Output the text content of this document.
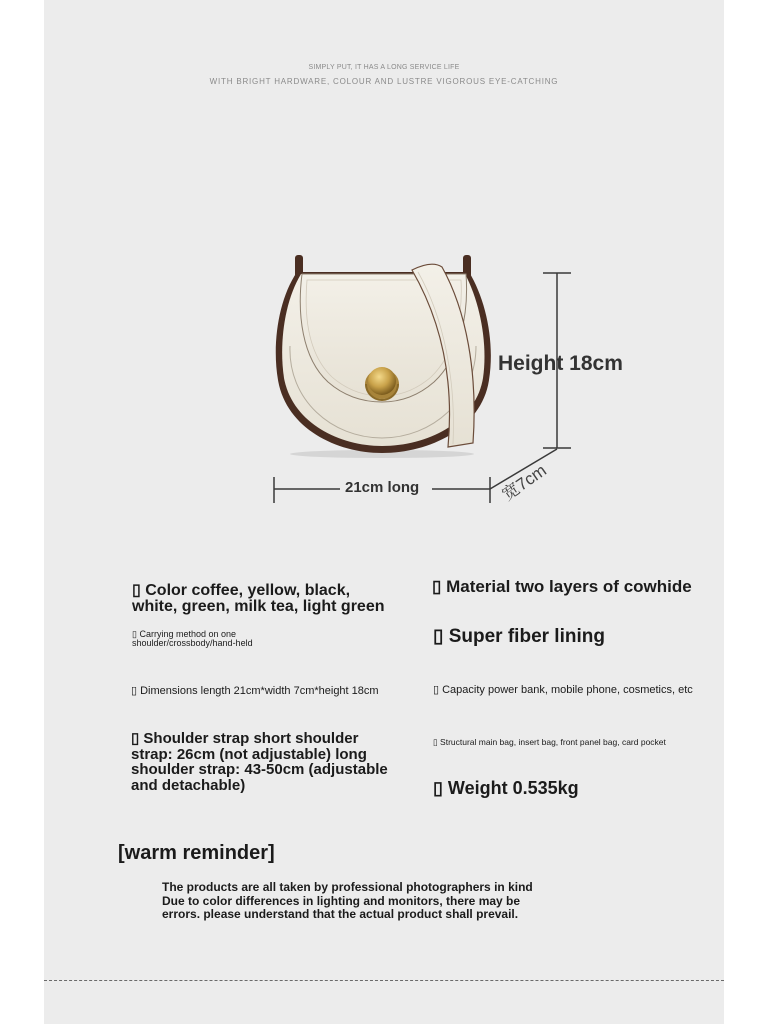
SIMPLY PUT, IT HAS A LONG SERVICE LIFE
WITH BRIGHT HARDWARE, COLOUR AND LUSTRE VIGOROUS EYE-CATCHING
Height 18cm
21cm long	宽7cm
▯ Color coffee, yellow, black,
white, green, milk tea, light green
▯ Carrying method on one
shoulder/crossbody/hand-held
▯ Dimensions length 21cm*width 7cm*height 18cm
▯ Shoulder strap short shoulder
strap: 26cm (not adjustable) long
shoulder strap: 43-50cm (adjustable
and detachable)
▯ Material two layers of cowhide
▯ Super fiber lining
▯ Capacity power bank, mobile phone, cosmetics, etc
▯ Structural main bag, insert bag, front panel bag, card pocket
▯ Weight 0.535kg
[warm reminder]
The products are all taken by professional photographers in kind
Due to color differences in lighting and monitors, there may be
errors. please understand that the actual product shall prevail.
